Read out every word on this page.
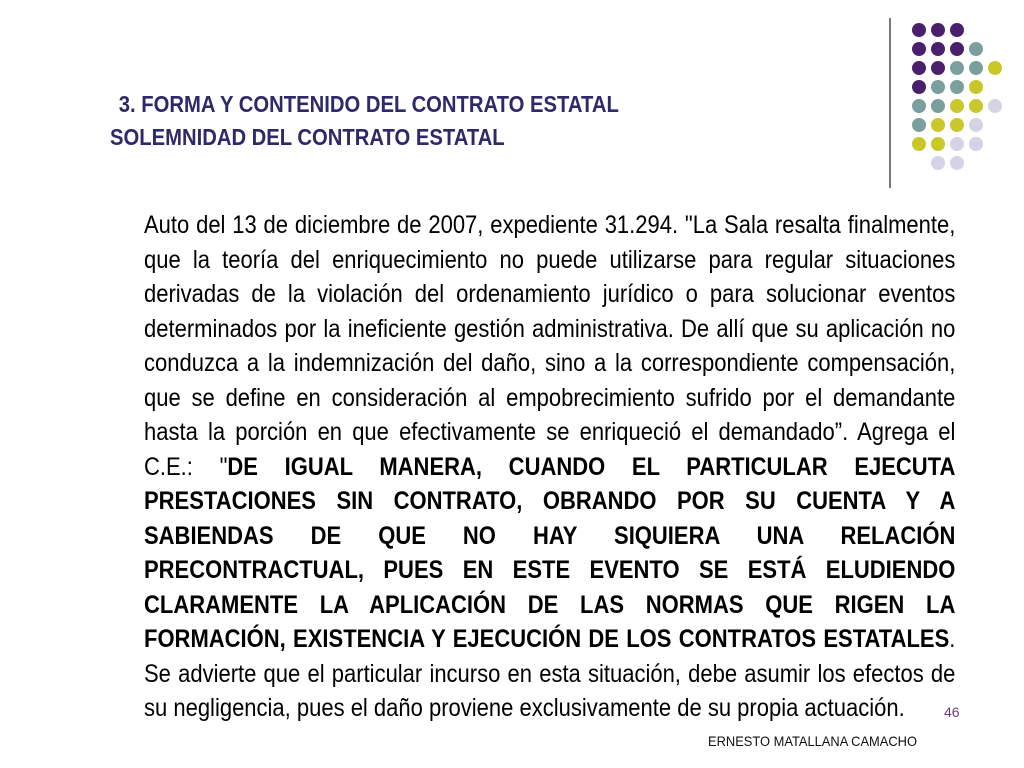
3. FORMA Y CONTENIDO DEL CONTRATO ESTATAL
SOLEMNIDAD DEL CONTRATO ESTATAL
Auto del 13 de diciembre de 2007, expediente 31.294. "La Sala resalta finalmente, que la teoría del enriquecimiento no puede utilizarse para regular situaciones derivadas de la violación del ordenamiento jurídico o para solucionar eventos determinados por la ineficiente gestión administrativa. De allí que su aplicación no conduzca a la indemnización del daño, sino a la correspondiente compensación, que se define en consideración al empobrecimiento sufrido por el demandante hasta la porción en que efectivamente se enriqueció el demandado”. Agrega el C.E.: "DE IGUAL MANERA, CUANDO EL PARTICULAR EJECUTA PRESTACIONES SIN CONTRATO, OBRANDO POR SU CUENTA Y A SABIENDAS DE QUE NO HAY SIQUIERA UNA RELACIÓN PRECONTRACTUAL, PUES EN ESTE EVENTO SE ESTÁ ELUDIENDO CLARAMENTE LA APLICACIÓN DE LAS NORMAS QUE RIGEN LA FORMACIÓN, EXISTENCIA Y EJECUCIÓN DE LOS CONTRATOS ESTATALES. Se advierte que el particular incurso en esta situación, debe asumir los efectos de su negligencia, pues el daño proviene exclusivamente de su propia actuación.	46
ERNESTO MATALLANA CAMACHO
